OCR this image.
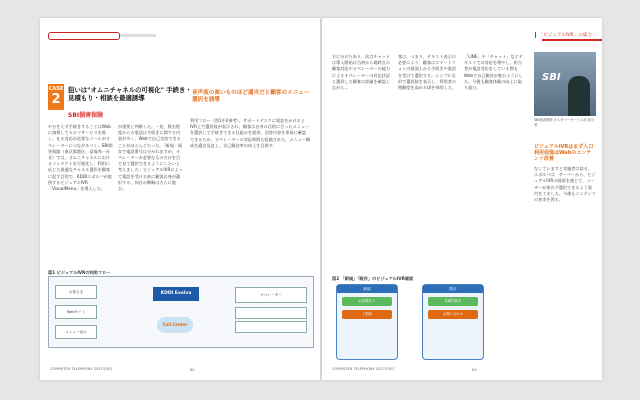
CASE
2
狙いは"オムニチャネルの可視化" 手続き・見積もり・相談を最適誘導
SBI損害保険
音声度の高いものほど適当だと顧客のメニュー選択を誘導
やむをえず手続きすることはWebに誘導してセルフサービスを推し、在る対応が必要なコールがオペレーターにつながるべく…SBI損害保険（東京都港区、高塚秀一社長）では、オムニチャネルにおけるコンタクトを可視化し、利用に応じた最適なチャネル選択を顧客に促す目的で、KDDIエボルバが提供するビジュアルIVR「VisualMenu」を導入した。
が重要と判断した。一見、数名程度からの電話は手続きに関する内容が多く、Webで自己完結できることがほとんどだった。「新規・既存で電話番号は分かれますが、オペレーターが必要なものだけを目で見て選択できるようにしたいと考えました」ビジュアルIVRによって電話を受ける前に顧客自身が選択する、同社の戦略はさらに進む。
利用フロー（図1中2参考）。サポートデスクに電話をかけるとIVR上で選択肢が表示され、顧客は自身の目的に合ったメニューを選択して手続きできる仕組みを提供。回答内容を事前に確認できるため、オペレーターの対応時間も短縮された。メニュー構成を適宜見直し、自己解決率の向上を目指す。
図1 ビジュアルIVRの利用フロー
お客さま
Webサイト
メニュー表示
KDDI Evolva
Call Center
オペレーター
COMPUTER TELEPHONY 2017年8月	62
「ビジュアルIVR」の威力
方に分けたあり、次はチャットは導入開始は当初から現時点の顧客対応やオペレーターの能力によるオペレーターの対応状況と選択した顧客の詳細を確認しながら…
客は、つまり、テキスト表示の必要により、顧客はスマートフォンの画面上から手続きや電話を受けて選択する。シンプルな形で選択肢を表示し、利用者の理解度を高めるUIを採用した。
「LINE」や「チャット」などテキストでの対応を増やし、担当者が電話対応をしている間もWebで自己解決が進むようにした。今後も顧客体験の向上に取り組む。
SBI
SBI損害保険 カスタマーサービス部 担当者
ビジュアルIVRはまず入口 利用促進はWebのコンテンツ改善
なしていますと実施者は語る。エボルバは、サーバーから、ビジュアルIVRの画面を通じて、ユーザーが迷わず選択できるよう案内を工夫した。今後もコンテンツの充実を図る。
図2 「新規」「既存」のビジュアルIVR画面
新規
お見積もり
ご相談
既存
各種手続き
お問い合わせ
COMPUTER TELEPHONY 2017年8月	63
